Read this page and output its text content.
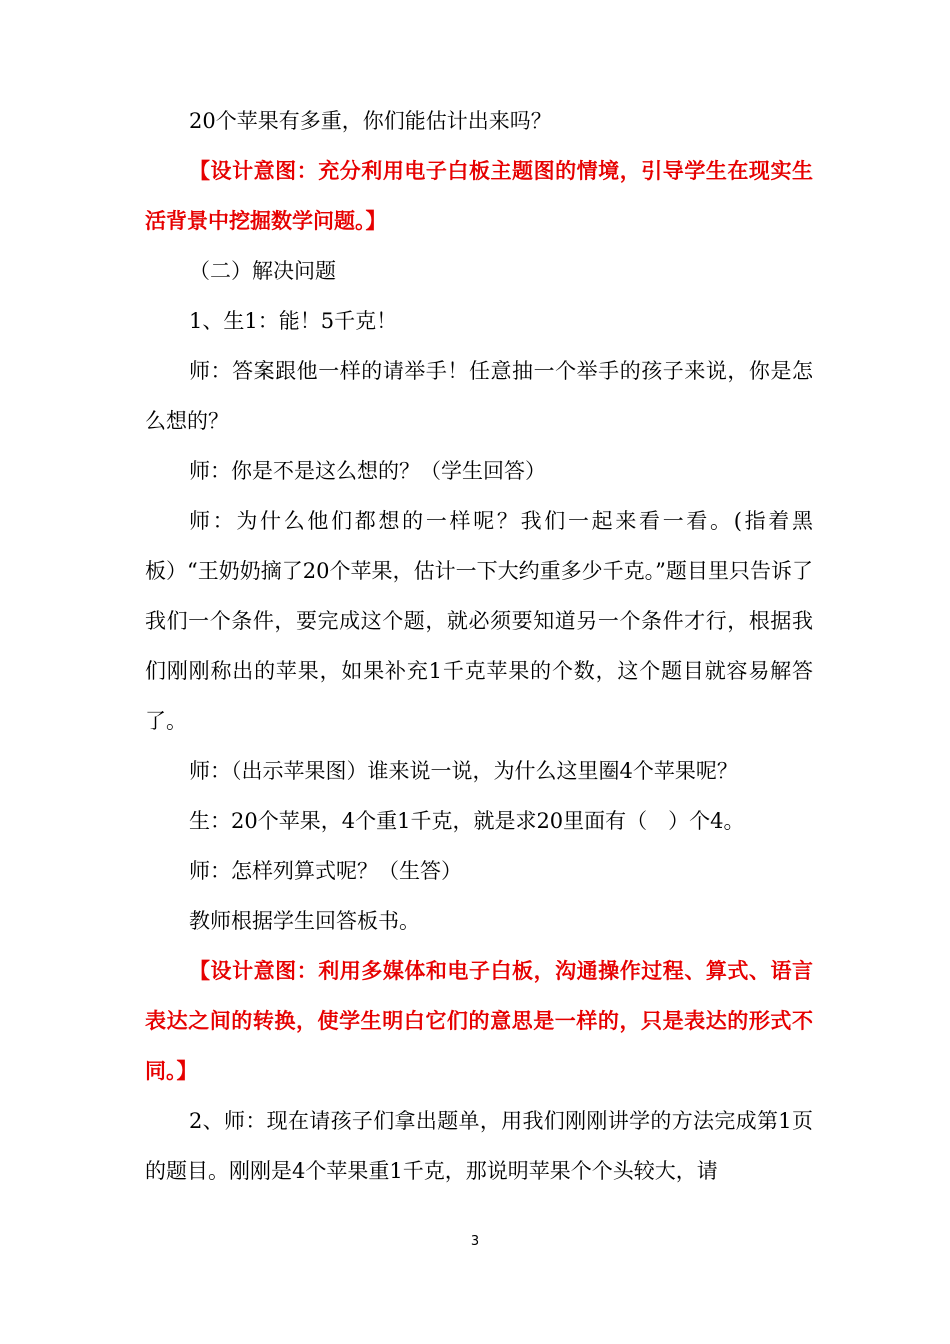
20个苹果有多重，你们能估计出来吗？

【设计意图：充分利用电子白板主题图的情境，引导学生在现实生活背景中挖掘数学问题。】

（二）解决问题

1、生1：能！5千克！

师：答案跟他一样的请举手！任意抽一个举手的孩子来说，你是怎么想的？

师：你是不是这么想的？（学生回答）

师：为什么他们都想的一样呢？我们一起来看一看。(指着黑板）“王奶奶摘了20个苹果，估计一下大约重多少千克。”题目里只告诉了我们一个条件，要完成这个题，就必须要知道另一个条件才行，根据我们刚刚称出的苹果，如果补充1千克苹果的个数，这个题目就容易解答了。

师：（出示苹果图）谁来说一说，为什么这里圈4个苹果呢？

生：20个苹果，4个重1千克，就是求20里面有（　）个4。

师：怎样列算式呢？（生答）

教师根据学生回答板书。

【设计意图：利用多媒体和电子白板，沟通操作过程、算式、语言表达之间的转换，使学生明白它们的意思是一样的，只是表达的形式不同。】

2、师：现在请孩子们拿出题单，用我们刚刚讲学的方法完成第1页的题目。刚刚是4个苹果重1千克，那说明苹果个个头较大，请

3
